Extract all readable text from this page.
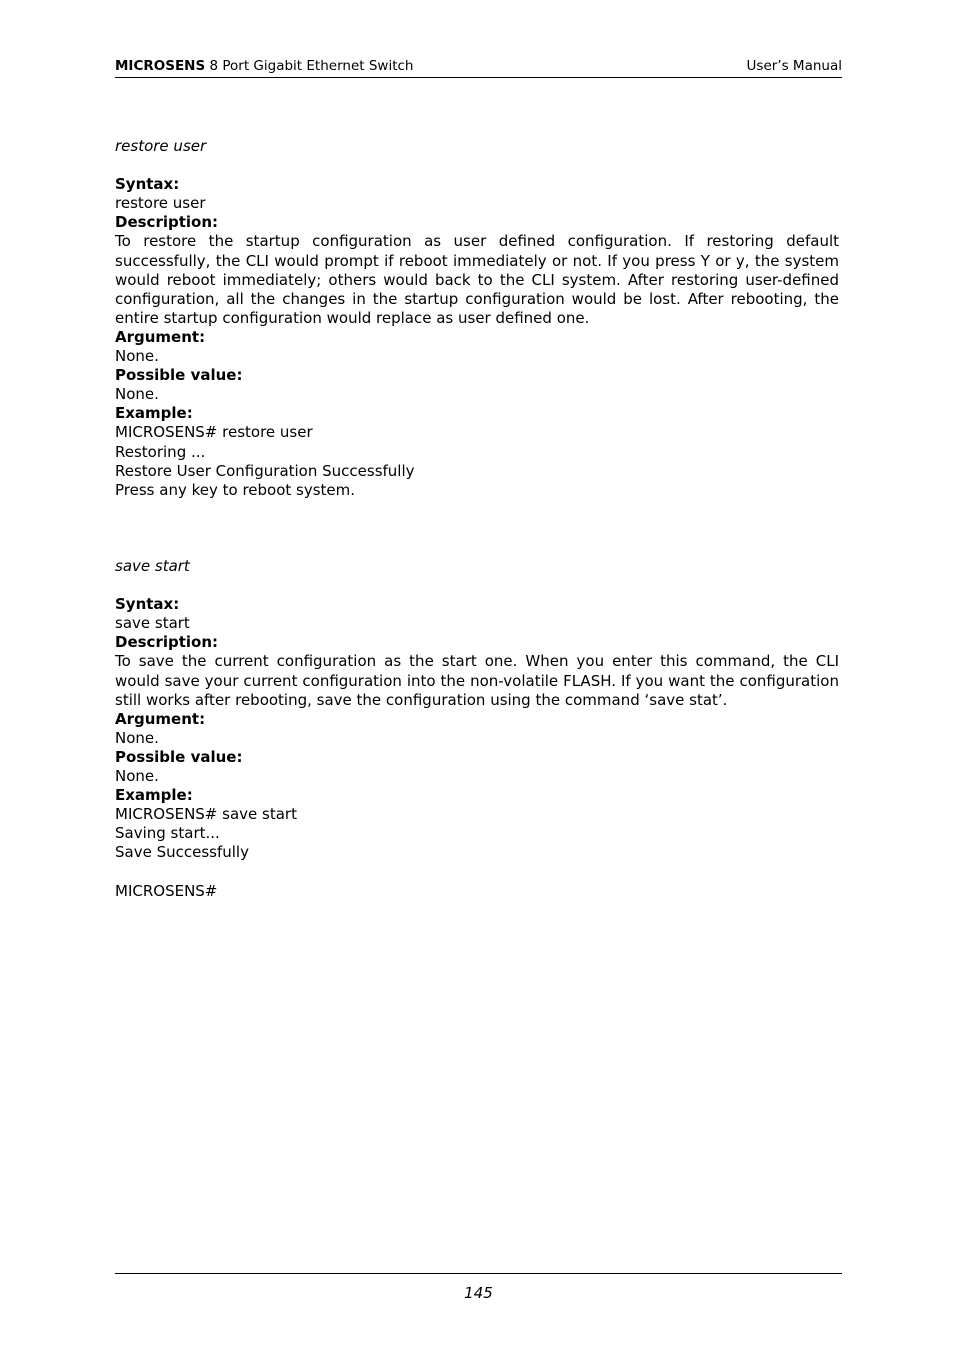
MICROSENS 8 Port Gigabit Ethernet Switch	User’s Manual

restore user

Syntax:

restore user

Description:

To restore the startup configuration as user defined configuration. If restoring default successfully, the CLI would prompt if reboot immediately or not. If you press Y or y, the system would reboot immediately; others would back to the CLI system. After restoring user-defined configuration, all the changes in the startup configuration would be lost. After rebooting, the entire startup configuration would replace as user defined one.

Argument:

None.

Possible value:

None.

Example:

MICROSENS# restore user

Restoring ...

Restore User Configuration Successfully

Press any key to reboot system.

save start

Syntax:

save start

Description:

To save the current configuration as the start one. When you enter this command, the CLI would save your current configuration into the non-volatile FLASH. If you want the configuration still works after rebooting, save the configuration using the command ‘save stat’.

Argument:

None.

Possible value:

None.

Example:

MICROSENS# save start

Saving start...

Save Successfully

MICROSENS#

145
